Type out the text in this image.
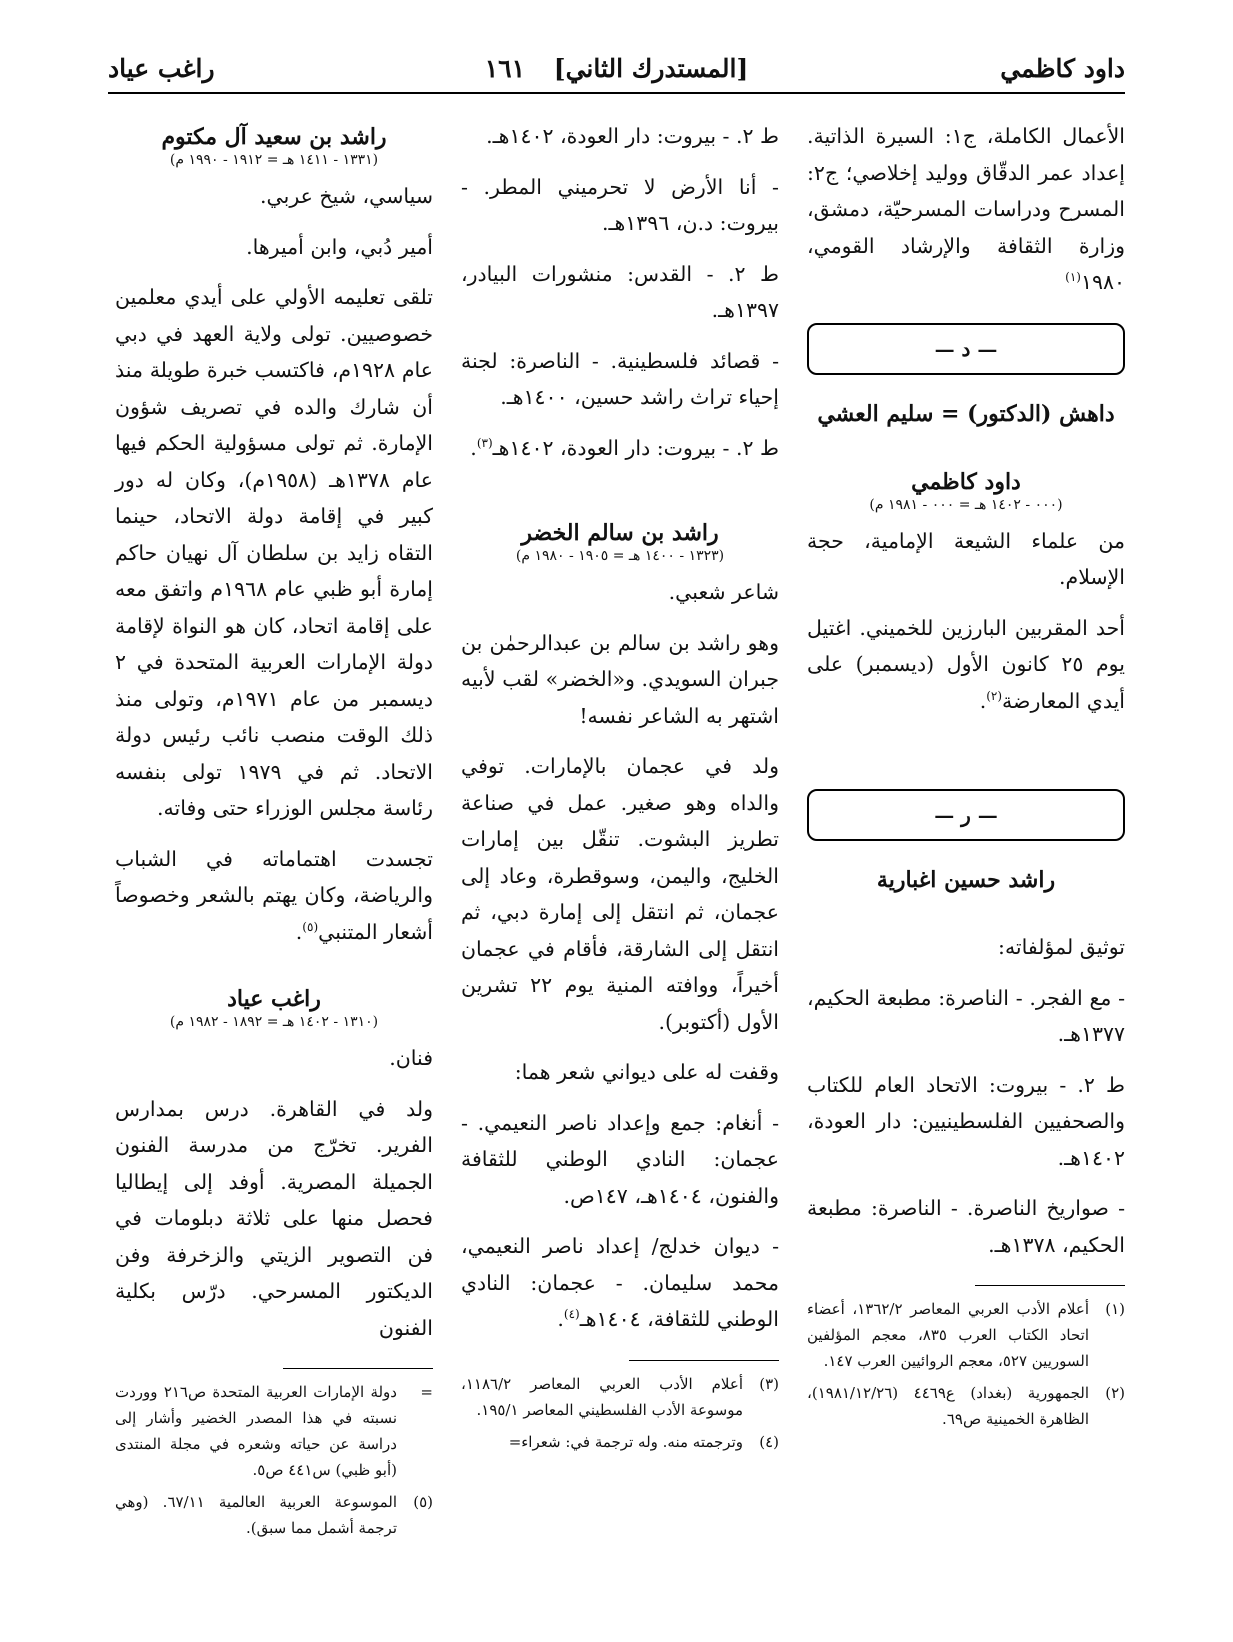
داود كاظمي
[المستدرك الثاني] ١٦١
راغب عياد

الأعمال الكاملة، ج١: السيرة الذاتية. إعداد عمر الدقّاق ووليد إخلاصي؛ ج٢: المسرح ودراسات المسرحيّة، دمشق، وزارة الثقافة والإرشاد القومي، ١٩٨٠$^{(١)}$

— د —
داهش (الدكتور) = سليم العشي
داود كاظمي
(٠٠٠ - ١٤٠٢ هـ = ٠٠٠ - ١٩٨١ م)

من علماء الشيعة الإمامية، حجة الإسلام.

أحد المقربين البارزين للخميني. اغتيل يوم ٢٥ كانون الأول (ديسمبر) على أيدي المعارضة$^{(٢)}$.

— ر —
راشد حسين اغبارية

توثيق لمؤلفاته:

- مع الفجر. - الناصرة: مطبعة الحكيم، ١٣٧٧هـ.

ط ٢. - بيروت: الاتحاد العام للكتاب والصحفيين الفلسطينيين: دار العودة، ١٤٠٢هـ.

- صواريخ الناصرة. - الناصرة: مطبعة الحكيم، ١٣٧٨هـ.

(١)
أعلام الأدب العربي المعاصر ١٣٦٢/٢، أعضاء اتحاد الكتاب العرب ٨٣٥، معجم المؤلفين السوريين ٥٢٧، معجم الروائيين العرب ١٤٧.
(٢)
الجمهورية (بغداد) ع٤٤٦٩ (١٩٨١/١٢/٢٦)، الظاهرة الخمينية ص٦٩.

ط ٢. - بيروت: دار العودة، ١٤٠٢هـ.

- أنا الأرض لا تحرميني المطر. - بيروت: د.ن، ١٣٩٦هـ.

ط ٢. - القدس: منشورات البيادر، ١٣٩٧هـ.

- قصائد فلسطينية. - الناصرة: لجنة إحياء تراث راشد حسين، ١٤٠٠هـ.

ط ٢. - بيروت: دار العودة، ١٤٠٢هـ$^{(٣)}$.

راشد بن سالم الخضر
(١٣٢٣ - ١٤٠٠ هـ = ١٩٠٥ - ١٩٨٠ م)

شاعر شعبي.

وهو راشد بن سالم بن عبدالرحمٰن بن جبران السويدي. و«الخضر» لقب لأبيه اشتهر به الشاعر نفسه!

ولد في عجمان بالإمارات. توفي والداه وهو صغير. عمل في صناعة تطريز البشوت. تنقّل بين إمارات الخليج، واليمن، وسوقطرة، وعاد إلى عجمان، ثم انتقل إلى إمارة دبي، ثم انتقل إلى الشارقة، فأقام في عجمان أخيراً، ووافته المنية يوم ٢٢ تشرين الأول (أكتوبر).

وقفت له على ديواني شعر هما:

- أنغام: جمع وإعداد ناصر النعيمي. - عجمان: النادي الوطني للثقافة والفنون، ١٤٠٤هـ، ١٤٧ص.

- ديوان خدلج/ إعداد ناصر النعيمي، محمد سليمان. - عجمان: النادي الوطني للثقافة، ١٤٠٤هـ$^{(٤)}$.

(٣)
أعلام الأدب العربي المعاصر ١١٨٦/٢، موسوعة الأدب الفلسطيني المعاصر ١٩٥/١.
(٤)
وترجمته منه. وله ترجمة في: شعراء=
راشد بن سعيد آل مكتوم
(١٣٣١ - ١٤١١ هـ = ١٩١٢ - ١٩٩٠ م)

سياسي، شيخ عربي.

أمير دُبي، وابن أميرها.

تلقى تعليمه الأولي على أيدي معلمين خصوصيين. تولى ولاية العهد في دبي عام ١٩٢٨م، فاكتسب خبرة طويلة منذ أن شارك والده في تصريف شؤون الإمارة. ثم تولى مسؤولية الحكم فيها عام ١٣٧٨هـ (١٩٥٨م)، وكان له دور كبير في إقامة دولة الاتحاد، حينما التقاه زايد بن سلطان آل نهيان حاكم إمارة أبو ظبي عام ١٩٦٨م واتفق معه على إقامة اتحاد، كان هو النواة لإقامة دولة الإمارات العربية المتحدة في ٢ ديسمبر من عام ١٩٧١م، وتولى منذ ذلك الوقت منصب نائب رئيس دولة الاتحاد. ثم في ١٩٧٩ تولى بنفسه رئاسة مجلس الوزراء حتى وفاته.

تجسدت اهتماماته في الشباب والرياضة، وكان يهتم بالشعر وخصوصاً أشعار المتنبي$^{(٥)}$.

راغب عياد
(١٣١٠ - ١٤٠٢ هـ = ١٨٩٢ - ١٩٨٢ م)

فنان.

ولد في القاهرة. درس بمدارس الفرير. تخرّج من مدرسة الفنون الجميلة المصرية. أوفد إلى إيطاليا فحصل منها على ثلاثة دبلومات في فن التصوير الزيتي والزخرفة وفن الديكتور المسرحي. درّس بكلية الفنون

=
دولة الإمارات العربية المتحدة ص٢١٦ ووردت نسبته في هذا المصدر الخضير وأشار إلى دراسة عن حياته وشعره في مجلة المنتدى (أبو ظبي) س٤٤١ ص٥.
(٥)
الموسوعة العربية العالمية ٦٧/١١. (وهي ترجمة أشمل مما سبق).
